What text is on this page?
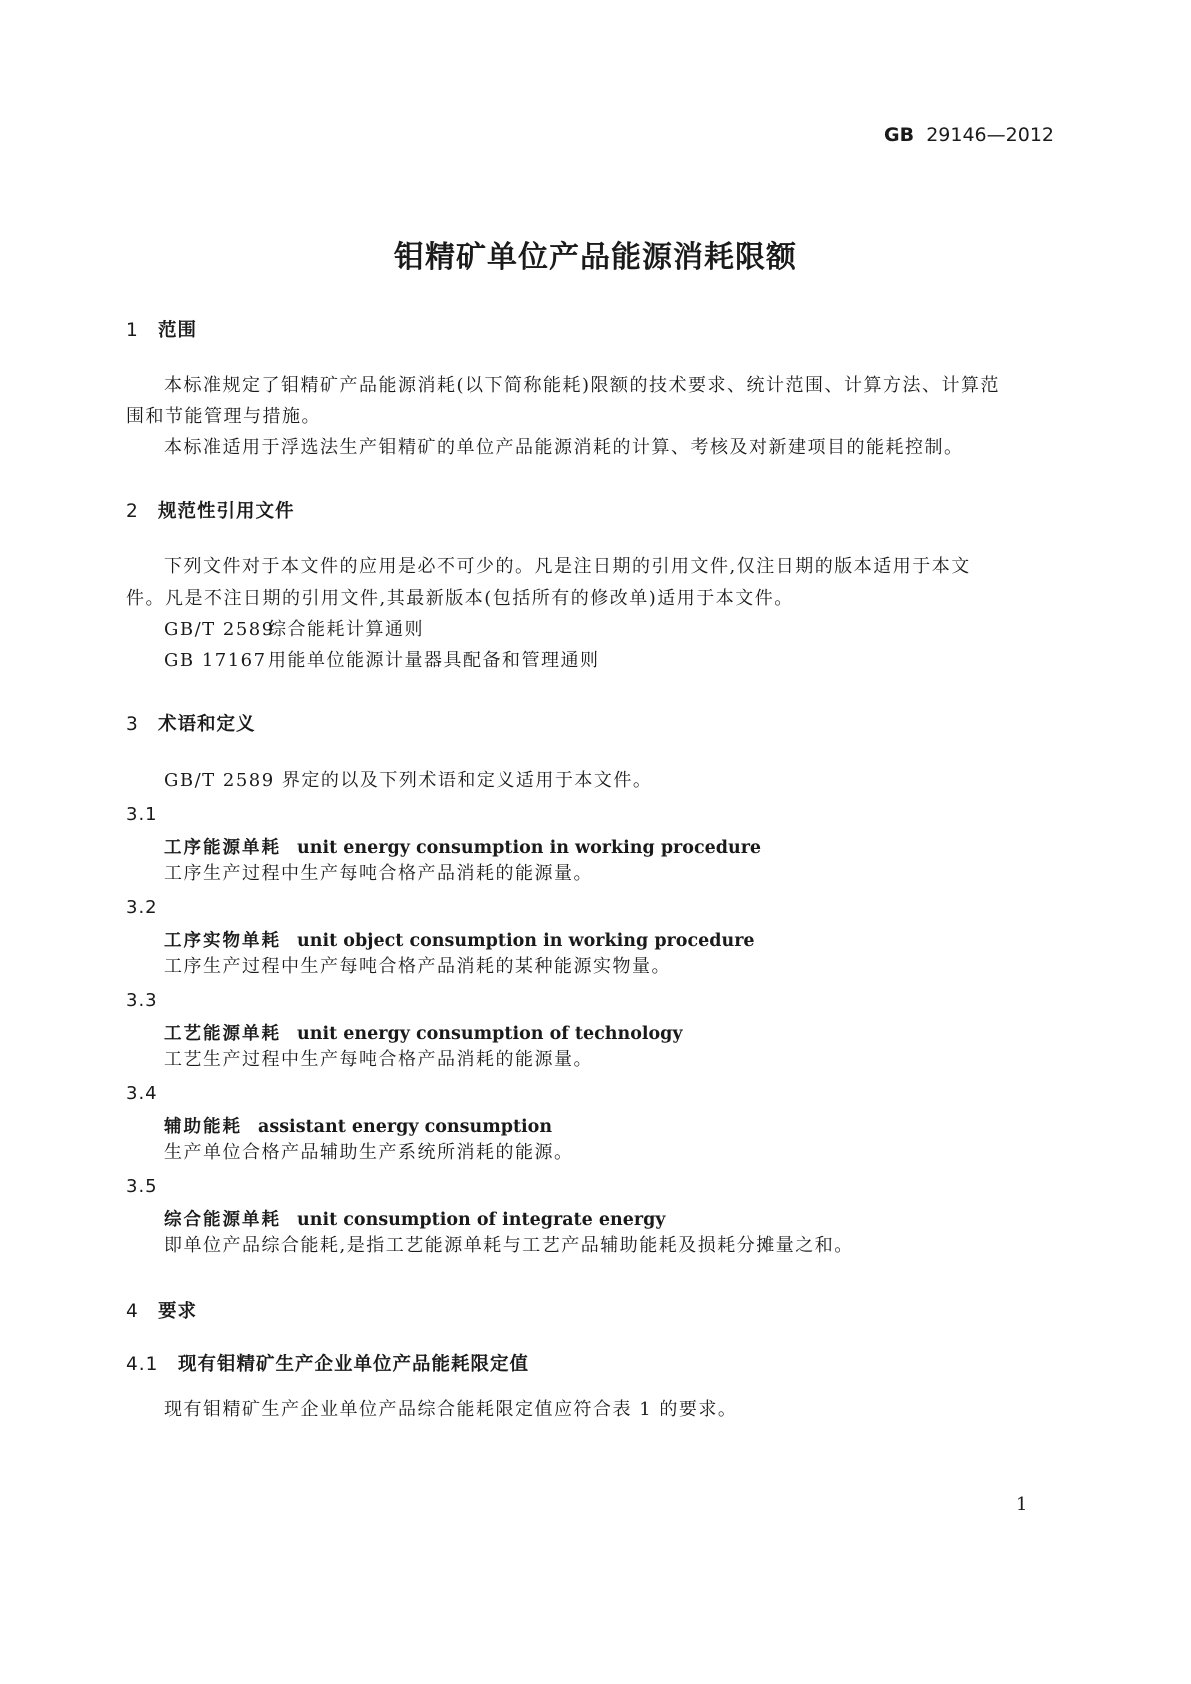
GB 29146—2012
钼精矿单位产品能源消耗限额
1 范围
本标准规定了钼精矿产品能源消耗(以下简称能耗)限额的技术要求、统计范围、计算方法、计算范
围和节能管理与措施。
本标准适用于浮选法生产钼精矿的单位产品能源消耗的计算、考核及对新建项目的能耗控制。
2 规范性引用文件
下列文件对于本文件的应用是必不可少的。凡是注日期的引用文件,仅注日期的版本适用于本文
件。凡是不注日期的引用文件,其最新版本(包括所有的修改单)适用于本文件。
GB/T 2589综合能耗计算通则
GB 17167用能单位能源计量器具配备和管理通则
3 术语和定义
GB/T 2589 界定的以及下列术语和定义适用于本文件。
3.1
工序能源单耗 unit energy consumption in working procedure
工序生产过程中生产每吨合格产品消耗的能源量。
3.2
工序实物单耗 unit object consumption in working procedure
工序生产过程中生产每吨合格产品消耗的某种能源实物量。
3.3
工艺能源单耗 unit energy consumption of technology
工艺生产过程中生产每吨合格产品消耗的能源量。
3.4
辅助能耗 assistant energy consumption
生产单位合格产品辅助生产系统所消耗的能源。
3.5
综合能源单耗 unit consumption of integrate energy
即单位产品综合能耗,是指工艺能源单耗与工艺产品辅助能耗及损耗分摊量之和。
4 要求
4.1 现有钼精矿生产企业单位产品能耗限定值
现有钼精矿生产企业单位产品综合能耗限定值应符合表 1 的要求。
1
